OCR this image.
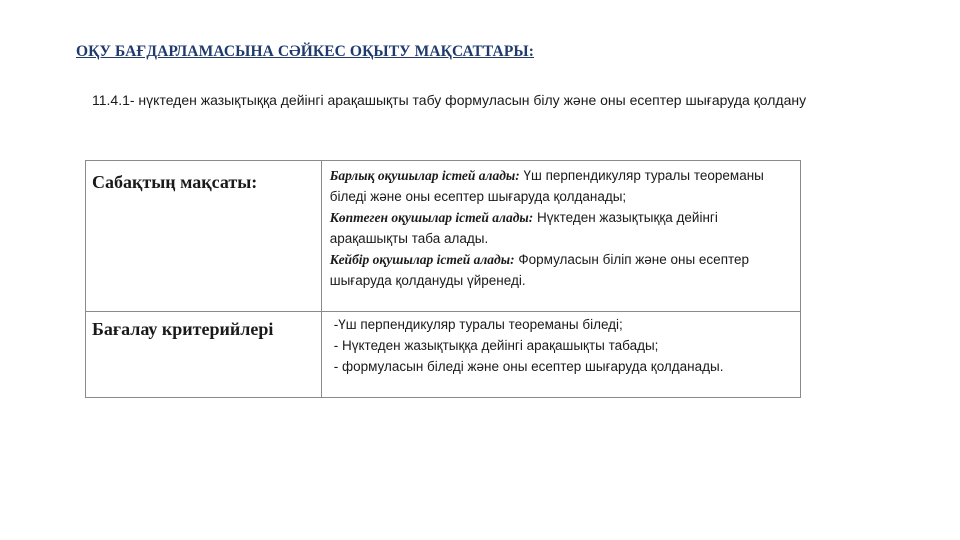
ОҚУ БАҒДАРЛАМАСЫНА СӘЙКЕС ОҚЫТУ МАҚСАТТАРЫ:
11.4.1- нүктеден жазықтыққа дейінгі арақашықты табу формуласын білу және оны есептер шығаруда қолдану
Сабақтың мақсаты:	Барлық оқушылар істей алады: Үш перпендикуляр туралы теореманы біледі және оны есептер шығаруда қолданады;
Көптеген оқушылар істей алады: Нүктеден жазықтыққа дейінгі арақашықты таба алады.
Кейбір оқушылар істей алады: Формуласын біліп және оны есептер шығаруда қолдануды үйренеді.

Бағалау критерийлері	-Үш перпендикуляр туралы теореманы біледі;
- Нүктеден жазықтыққа дейінгі арақашықты табады;
- формуласын біледі және оны есептер шығаруда қолданады.
